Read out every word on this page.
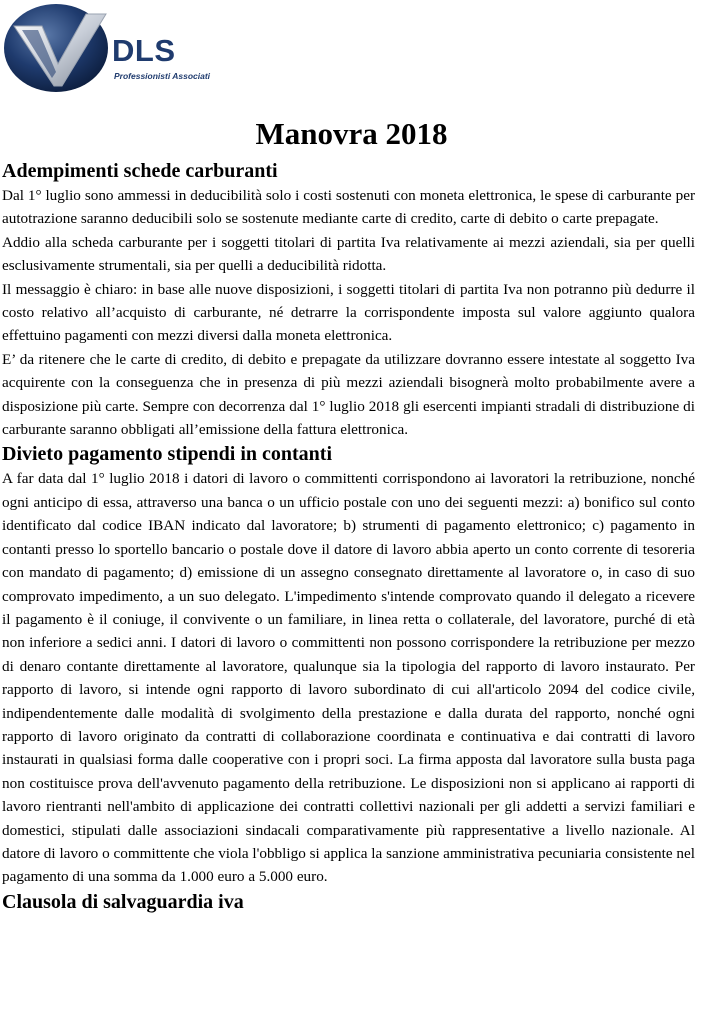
DLS
Professionisti Associati
Manovra 2018
Adempimenti schede carburanti

Dal 1° luglio sono ammessi in deducibilità solo i costi sostenuti con moneta elettronica, le spese di carburante per autotrazione saranno deducibili solo se sostenute mediante carte di credito, carte di debito o carte prepagate.

Addio alla scheda carburante per i soggetti titolari di partita Iva relativamente ai mezzi aziendali, sia per quelli esclusivamente strumentali, sia per quelli a deducibilità ridotta.

Il messaggio è chiaro: in base alle nuove disposizioni, i soggetti titolari di partita Iva non potranno più dedurre il costo relativo all’acquisto di carburante, né detrarre la corrispondente imposta sul valore aggiunto qualora effettuino pagamenti con mezzi diversi dalla moneta elettronica.

E’ da ritenere che le carte di credito, di debito e prepagate da utilizzare dovranno essere intestate al soggetto Iva acquirente con la conseguenza che in presenza di più mezzi aziendali bisognerà molto probabilmente avere a disposizione più carte. Sempre con decorrenza dal 1° luglio 2018 gli esercenti impianti stradali di distribuzione di carburante saranno obbligati all’emissione della fattura elettronica.

Divieto pagamento stipendi in contanti

A far data dal 1° luglio 2018 i datori di lavoro o committenti corrispondono ai lavoratori la retribuzione, nonché ogni anticipo di essa, attraverso una banca o un ufficio postale con uno dei seguenti mezzi: a) bonifico sul conto identificato dal codice IBAN indicato dal lavoratore; b) strumenti di pagamento elettronico; c) pagamento in contanti presso lo sportello bancario o postale dove il datore di lavoro abbia aperto un conto corrente di tesoreria con mandato di pagamento; d) emissione di un assegno consegnato direttamente al lavoratore o, in caso di suo comprovato impedimento, a un suo delegato. L'impedimento s'intende comprovato quando il delegato a ricevere il pagamento è il coniuge, il convivente o un familiare, in linea retta o collaterale, del lavoratore, purché di età non inferiore a sedici anni. I datori di lavoro o committenti non possono corrispondere la retribuzione per mezzo di denaro contante direttamente al lavoratore, qualunque sia la tipologia del rapporto di lavoro instaurato. Per rapporto di lavoro, si intende ogni rapporto di lavoro subordinato di cui all'articolo 2094 del codice civile, indipendentemente dalle modalità di svolgimento della prestazione e dalla durata del rapporto, nonché ogni rapporto di lavoro originato da contratti di collaborazione coordinata e continuativa e dai contratti di lavoro instaurati in qualsiasi forma dalle cooperative con i propri soci. La firma apposta dal lavoratore sulla busta paga non costituisce prova dell'avvenuto pagamento della retribuzione. Le disposizioni non si applicano ai rapporti di lavoro rientranti nell'ambito di applicazione dei contratti collettivi nazionali per gli addetti a servizi familiari e domestici, stipulati dalle associazioni sindacali comparativamente più rappresentative a livello nazionale. Al datore di lavoro o committente che viola l'obbligo si applica la sanzione amministrativa pecuniaria consistente nel pagamento di una somma da 1.000 euro a 5.000 euro.

Clausola di salvaguardia iva
